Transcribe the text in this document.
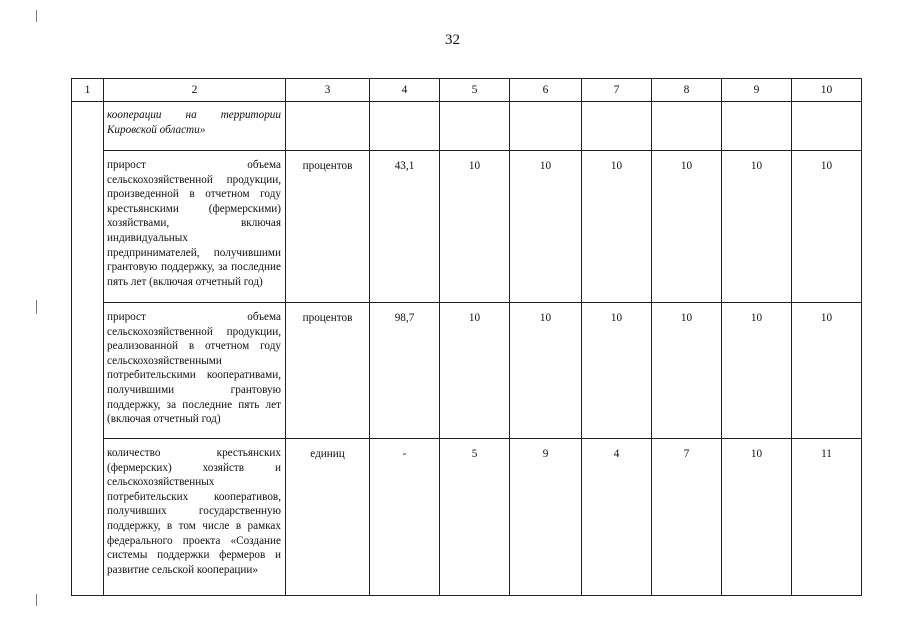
32
1	2	3	4	5	6	7	8	9	10
	кооперации на территории Кировской области»								
	прирост объема сельскохозяйственной продукции, произведенной в отчетном году крестьянскими (фермерскими) хозяйствами, включая индивидуальных предпринимателей, получившими грантовую поддержку, за последние пять лет (включая отчетный год)	процентов	43,1	10	10	10	10	10	10
	прирост объема сельскохозяйственной продукции, реализованной в отчетном году сельскохозяйственными потребительскими кооперативами, получившими грантовую поддержку, за последние пять лет (включая отчетный год)	процентов	98,7	10	10	10	10	10	10
	количество крестьянских (фермерских) хозяйств и сельскохозяйственных потребительских кооперативов, получивших государственную поддержку, в том числе в рамках федерального проекта «Создание системы поддержки фермеров и развитие сельской кооперации»	единиц	-	5	9	4	7	10	11
